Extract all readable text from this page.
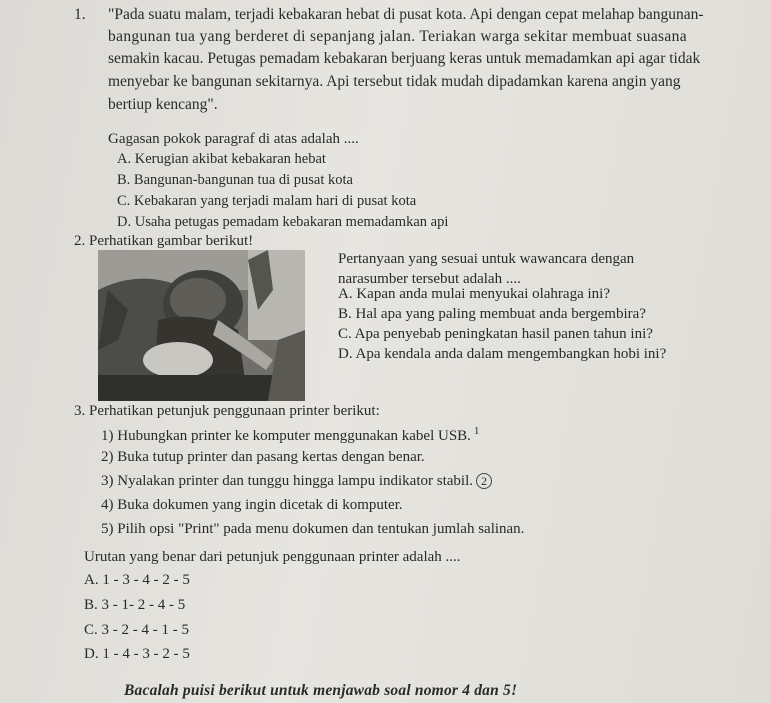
1. "Pada suatu malam, terjadi kebakaran hebat di pusat kota. Api dengan cepat melahap bangunan-
bangunan tua yang berderet di sepanjang jalan. Teriakan warga sekitar membuat suasana
semakin kacau. Petugas pemadam kebakaran berjuang keras untuk memadamkan api agar tidak
menyebar ke bangunan sekitarnya. Api tersebut tidak mudah dipadamkan karena angin yang
bertiup kencang".
Gagasan pokok paragraf di atas adalah ....
A. Kerugian akibat kebakaran hebat
B. Bangunan-bangunan tua di pusat kota
C. Kebakaran yang terjadi malam hari di pusat kota
D. Usaha petugas pemadam kebakaran memadamkan api
2. Perhatikan gambar berikut!
Pertanyaan yang sesuai untuk wawancara dengan
narasumber tersebut adalah ....
A. Kapan anda mulai menyukai olahraga ini?
B. Hal apa yang paling membuat anda bergembira?
C. Apa penyebab peningkatan hasil panen tahun ini?
D. Apa kendala anda dalam mengembangkan hobi ini?
3. Perhatikan petunjuk penggunaan printer berikut:
1) Hubungkan printer ke komputer menggunakan kabel USB. $^1$
2) Buka tutup printer dan pasang kertas dengan benar.
3) Nyalakan printer dan tunggu hingga lampu indikator stabil. 2
4) Buka dokumen yang ingin dicetak di komputer.
5) Pilih opsi "Print" pada menu dokumen dan tentukan jumlah salinan.
Urutan yang benar dari petunjuk penggunaan printer adalah ....
A. 1 - 3 - 4 - 2 - 5
B. 3 - 1- 2 - 4 - 5
C. 3 - 2 - 4 - 1 - 5
D. 1 - 4 - 3 - 2 - 5
Bacalah puisi berikut untuk menjawab soal nomor 4 dan 5!
